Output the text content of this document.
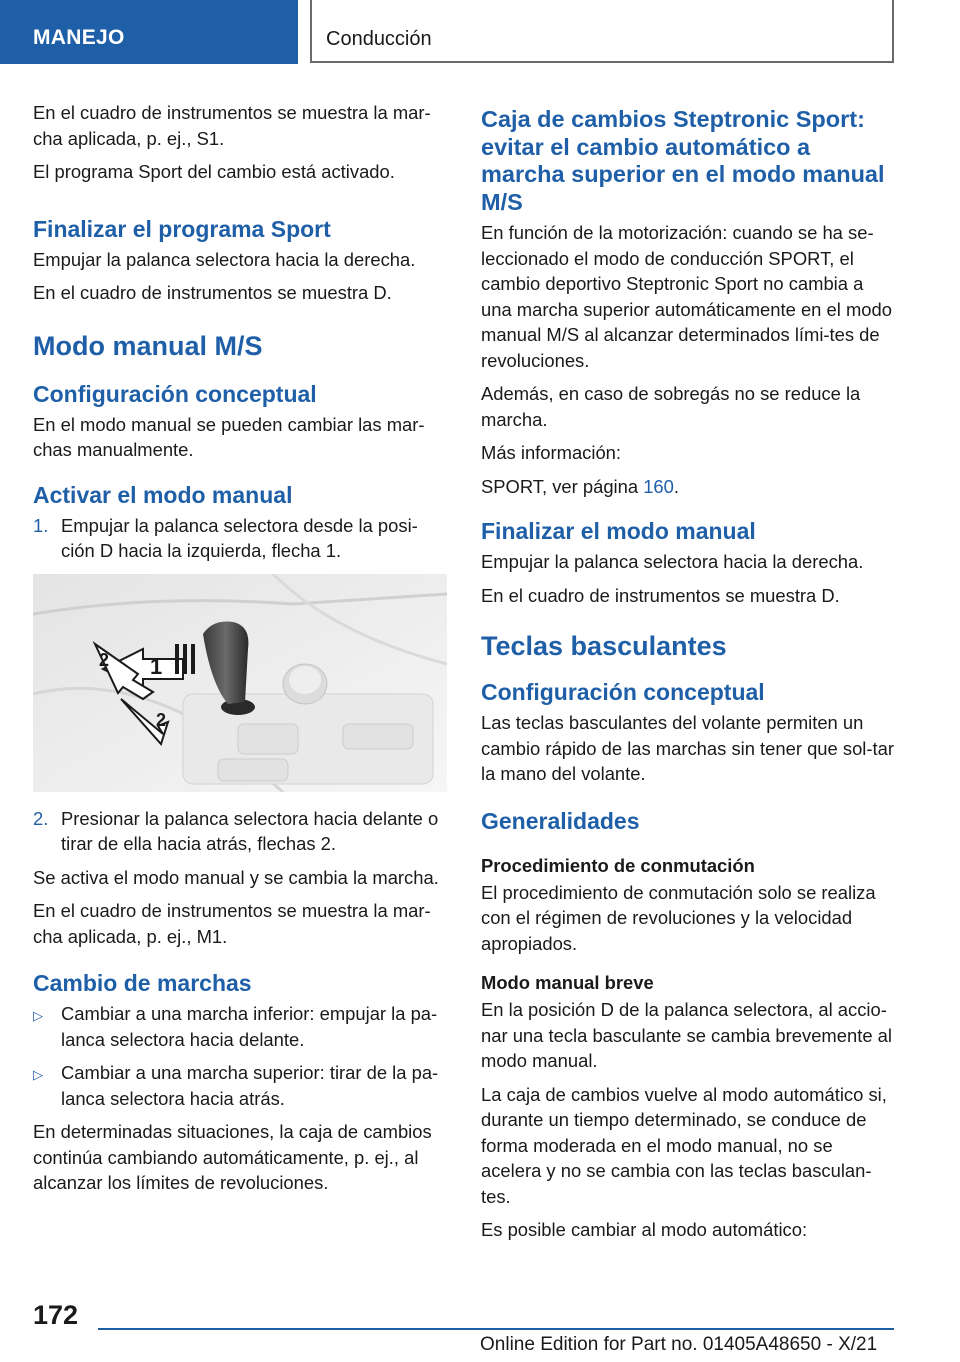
MANEJO	Conducción

En el cuadro de instrumentos se muestra la mar‐cha aplicada, p. ej., S1.

El programa Sport del cambio está activado.

Finalizar el programa Sport

Empujar la palanca selectora hacia la derecha.

En el cuadro de instrumentos se muestra D.

Modo manual M/S
Configuración conceptual

En el modo manual se pueden cambiar las mar‐chas manualmente.

Activar el modo manual
1. Empujar la palanca selectora desde la posi‐ción D hacia la izquierda, flecha 1.
1
2
2
2. Presionar la palanca selectora hacia delante o tirar de ella hacia atrás, flechas 2.

Se activa el modo manual y se cambia la marcha.

En el cuadro de instrumentos se muestra la mar‐cha aplicada, p. ej., M1.

Cambio de marchas
▷ Cambiar a una marcha inferior: empujar la pa‐lanca selectora hacia delante.
▷ Cambiar a una marcha superior: tirar de la pa‐lanca selectora hacia atrás.

En determinadas situaciones, la caja de cambios continúa cambiando automáticamente, p. ej., al alcanzar los límites de revoluciones.

Caja de cambios Steptronic Sport: evitar el cambio automático a marcha superior en el modo manual M/S

En función de la motorización: cuando se ha se‐leccionado el modo de conducción SPORT, el cambio deportivo Steptronic Sport no cambia a una marcha superior automáticamente en el modo manual M/S al alcanzar determinados lími‐tes de revoluciones.

Además, en caso de sobregás no se reduce la marcha.

Más información:

SPORT, ver página 160.

Finalizar el modo manual

Empujar la palanca selectora hacia la derecha.

En el cuadro de instrumentos se muestra D.

Teclas basculantes
Configuración conceptual

Las teclas basculantes del volante permiten un cambio rápido de las marchas sin tener que sol‐tar la mano del volante.

Generalidades
Procedimiento de conmutación

El procedimiento de conmutación solo se realiza con el régimen de revoluciones y la velocidad apropiados.

Modo manual breve

En la posición D de la palanca selectora, al accio‐nar una tecla basculante se cambia brevemente al modo manual.

La caja de cambios vuelve al modo automático si, durante un tiempo determinado, se conduce de forma moderada en el modo manual, no se acelera y no se cambia con las teclas basculan‐tes.

Es posible cambiar al modo automático:

172
Online Edition for Part no. 01405A48650 - X/21
